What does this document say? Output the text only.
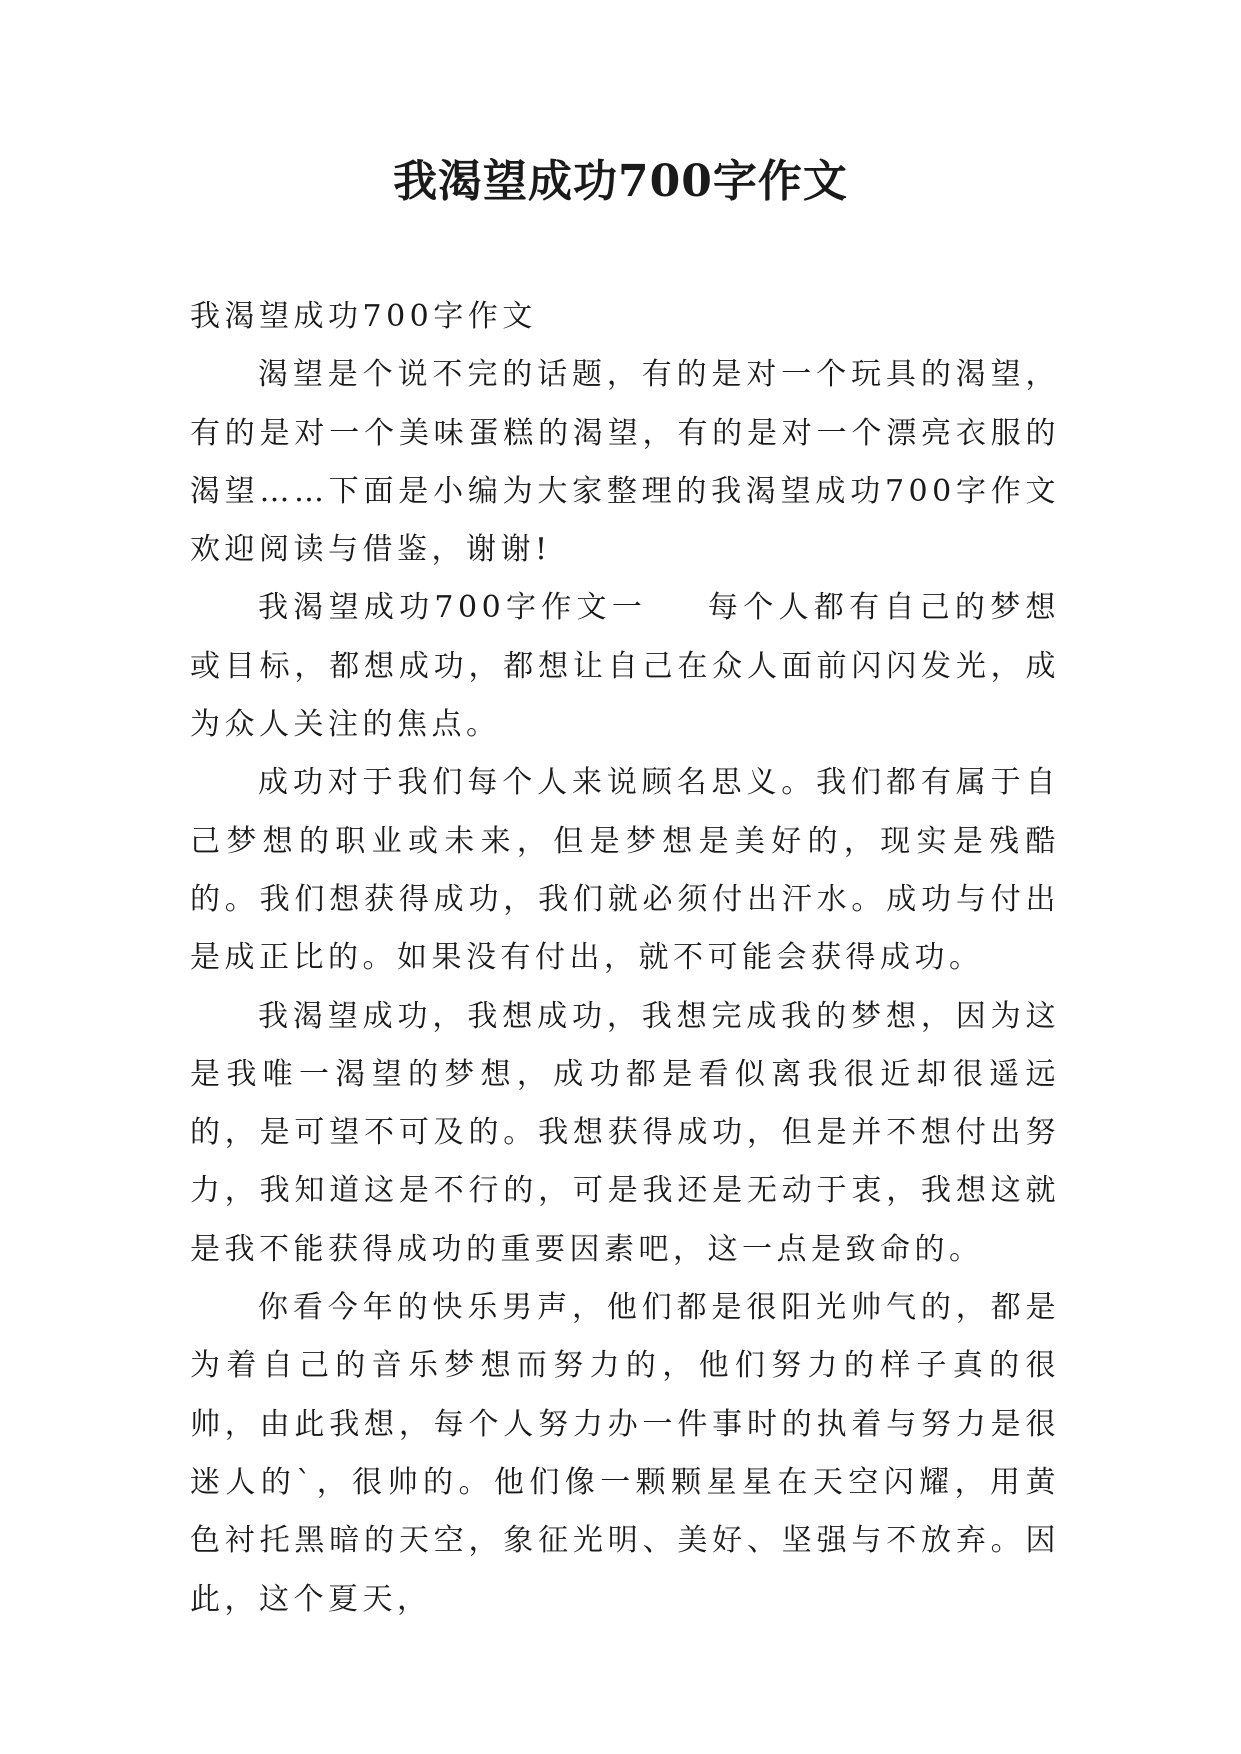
我渴望成功700字作文

我渴望成功700字作文

渴望是个说不完的话题，有的是对一个玩具的渴望，有的是对一个美味蛋糕的渴望，有的是对一个漂亮衣服的渴望……下面是小编为大家整理的我渴望成功700字作文欢迎阅读与借鉴，谢谢!

我渴望成功700字作文一 每个人都有自己的梦想或目标，都想成功，都想让自己在众人面前闪闪发光，成为众人关注的焦点。

成功对于我们每个人来说顾名思义。我们都有属于自己梦想的职业或未来，但是梦想是美好的，现实是残酷的。我们想获得成功，我们就必须付出汗水。成功与付出是成正比的。如果没有付出，就不可能会获得成功。

我渴望成功，我想成功，我想完成我的梦想，因为这是我唯一渴望的梦想，成功都是看似离我很近却很遥远的，是可望不可及的。我想获得成功，但是并不想付出努力，我知道这是不行的，可是我还是无动于衷，我想这就是我不能获得成功的重要因素吧，这一点是致命的。

你看今年的快乐男声，他们都是很阳光帅气的，都是为着自己的音乐梦想而努力的，他们努力的样子真的很帅，由此我想，每个人努力办一件事时的执着与努力是很迷人的`，很帅的。他们像一颗颗星星在天空闪耀，用黄色衬托黑暗的天空，象征光明、美好、坚强与不放弃。因此，这个夏天，
